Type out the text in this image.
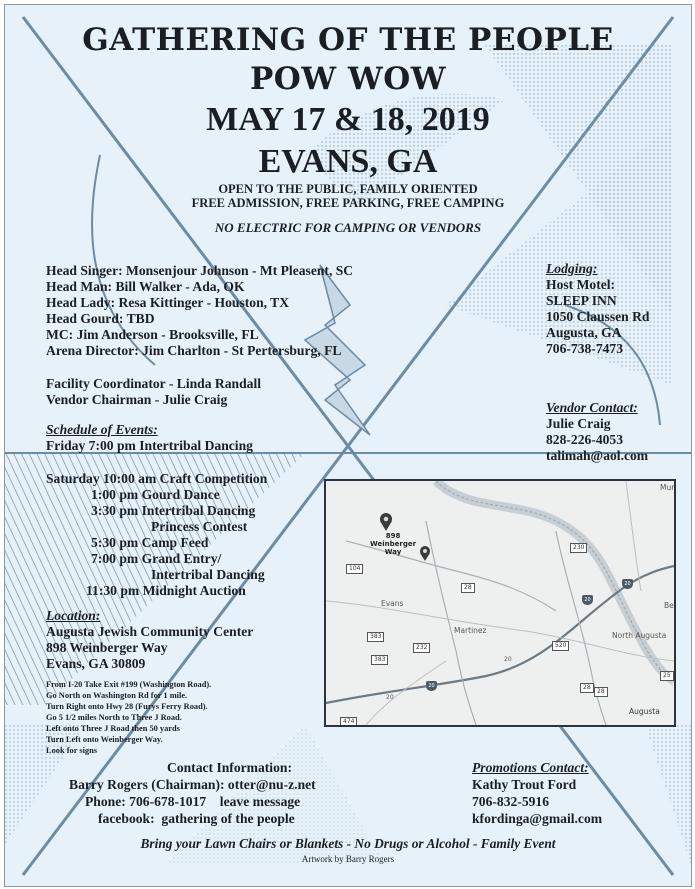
GATHERING OF THE PEOPLE
POW WOW
MAY 17 & 18, 2019
EVANS, GA
OPEN TO THE PUBLIC, FAMILY ORIENTED
FREE ADMISSION, FREE PARKING, FREE CAMPING
NO ELECTRIC FOR CAMPING OR VENDORS
Head Singer: Monsenjour Johnson - Mt Pleasent, SC
Head Man: Bill Walker - Ada, OK
Head Lady: Resa Kittinger - Houston, TX
Head Gourd: TBD
MC: Jim Anderson - Brooksville, FL
Arena Director: Jim Charlton - St Pertersburg, FL
Facility Coordinator - Linda Randall
Vendor Chairman - Julie Craig
Lodging:
Host Motel:
SLEEP INN
1050 Claussen Rd
Augusta, GA
706-738-7473
Vendor Contact:
Julie Craig
828-226-4053
talimah@aol.com
Schedule of Events:
Friday 7:00 pm Intertribal Dancing
Saturday 10:00 am Craft Competition
1:00 pm Gourd Dance
3:30 pm Intertribal Dancing
Princess Contest
5:30 pm Camp Feed
7:00 pm Grand Entry/
Intertribal Dancing
11:30 pm Midnight Auction
Location:
Augusta Jewish Community Center
898 Weinberger Way
Evans, GA 30809
From I-20 Take Exit #199 (Washington Road).
Go North on Washington Rd for 1 mile.
Turn Right onto Hwy 28 (Furys Ferry Road).
Go 5 1/2 miles North to Three J Road.
Left onto Three J Road then 50 yards
Turn Left onto Weinberger Way.
Look for signs
898
Weinberger
Way
Evans
Martinez
North Augusta
Augusta
Be
Mur
104
28
230
383
232
383
28
474
25
28
20
20
20
520
20
20
Contact Information:
Barry Rogers (Chairman): otter@nu-z.net
Phone: 706-678-1017    leave message
facebook:  gathering of the people
Promotions Contact:
Kathy Trout Ford
706-832-5916
kfordinga@gmail.com
Bring your Lawn Chairs or Blankets - No Drugs or Alcohol - Family Event
Artwork by Barry Rogers
